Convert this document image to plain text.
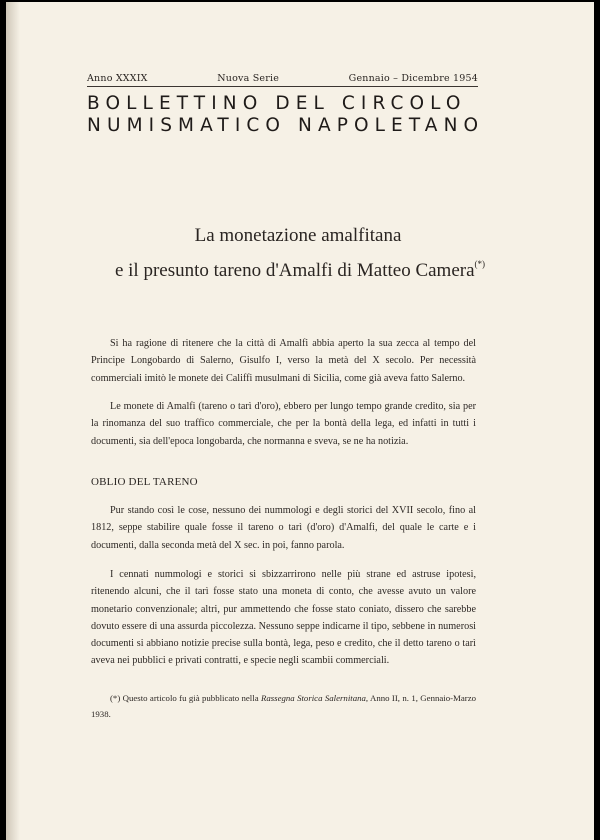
Anno XXXIX	Nuova Serie	Gennaio – Dicembre 1954
BOLLETTINO DEL CIRCOLO
NUMISMATICO NAPOLETANO
La monetazione amalfitana
e il presunto tareno d'Amalfi di Matteo Camera(*)

Si ha ragione di ritenere che la città di Amalfi abbia aperto la sua zecca al tempo del Principe Longobardo di Salerno, Gisulfo I, verso la metà del X secolo. Per necessità commerciali imitò le monete dei Califfi musulmani di Sicilia, come già aveva fatto Salerno.

Le monete di Amalfi (tareno o tarì d'oro), ebbero per lungo tempo grande credito, sia per la rinomanza del suo traffico commerciale, che per la bontà della lega, ed infatti in tutti i documenti, sia dell'epoca longobarda, che normanna e sveva, se ne ha notizia.

OBLIO DEL TARENO

Pur stando così le cose, nessuno dei nummologi e degli storici del XVII secolo, fino al 1812, seppe stabilire quale fosse il tareno o tarì (d'oro) d'Amalfi, del quale le carte e i documenti, dalla seconda metà del X sec. in poi, fanno parola.

I cennati nummologi e storici si sbizzarrirono nelle più strane ed astruse ipotesi, ritenendo alcuni, che il tarì fosse stato una moneta di conto, che avesse avuto un valore monetario convenzionale; altri, pur ammettendo che fosse stato coniato, dissero che sarebbe dovuto essere di una assurda piccolezza. Nessuno seppe indicarne il tipo, sebbene in numerosi documenti si abbiano notizie precise sulla bontà, lega, peso e credito, che il detto tareno o tarì aveva nei pubblici e privati contratti, e specie negli scambii commerciali.

(*) Questo articolo fu già pubblicato nella Rassegna Storica Salernitana, Anno II, n. 1, Gennaio-Marzo 1938.
